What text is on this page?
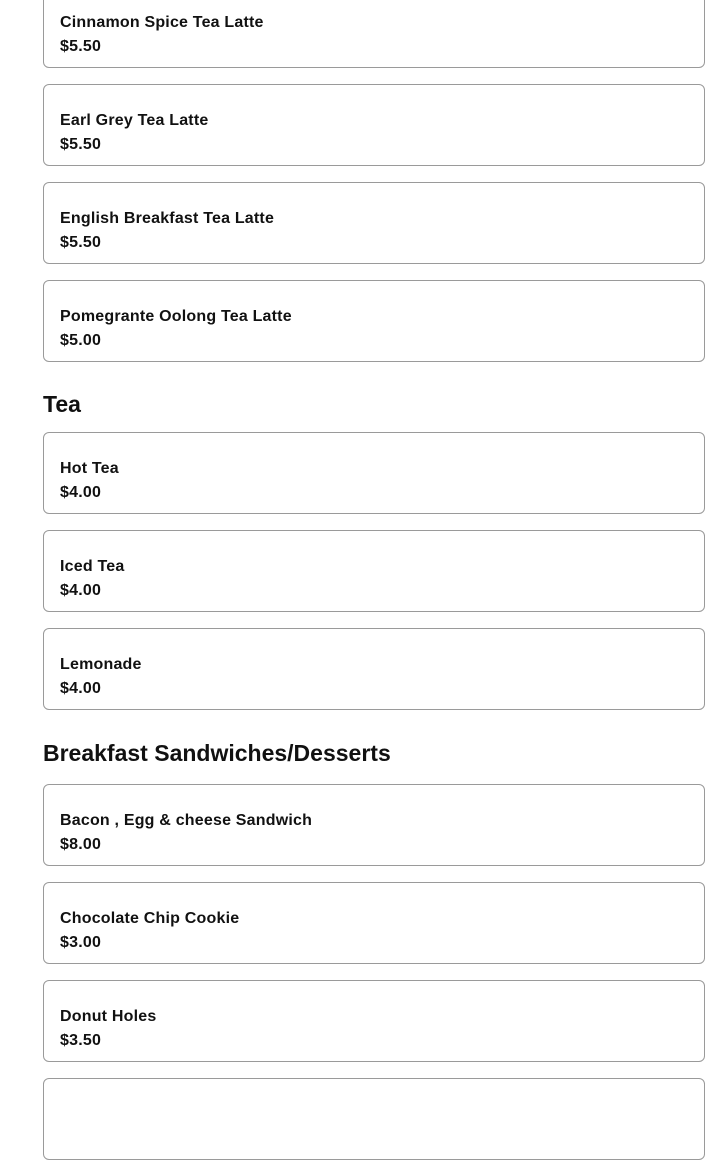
Cinnamon Spice Tea Latte
$5.50
Earl Grey Tea Latte
$5.50
English Breakfast Tea Latte
$5.50
Pomegrante Oolong Tea Latte
$5.00
Tea
Hot Tea
$4.00
Iced Tea
$4.00
Lemonade
$4.00
Breakfast Sandwiches/Desserts
Bacon , Egg & cheese Sandwich
$8.00
Chocolate Chip Cookie
$3.00
Donut Holes
$3.50
